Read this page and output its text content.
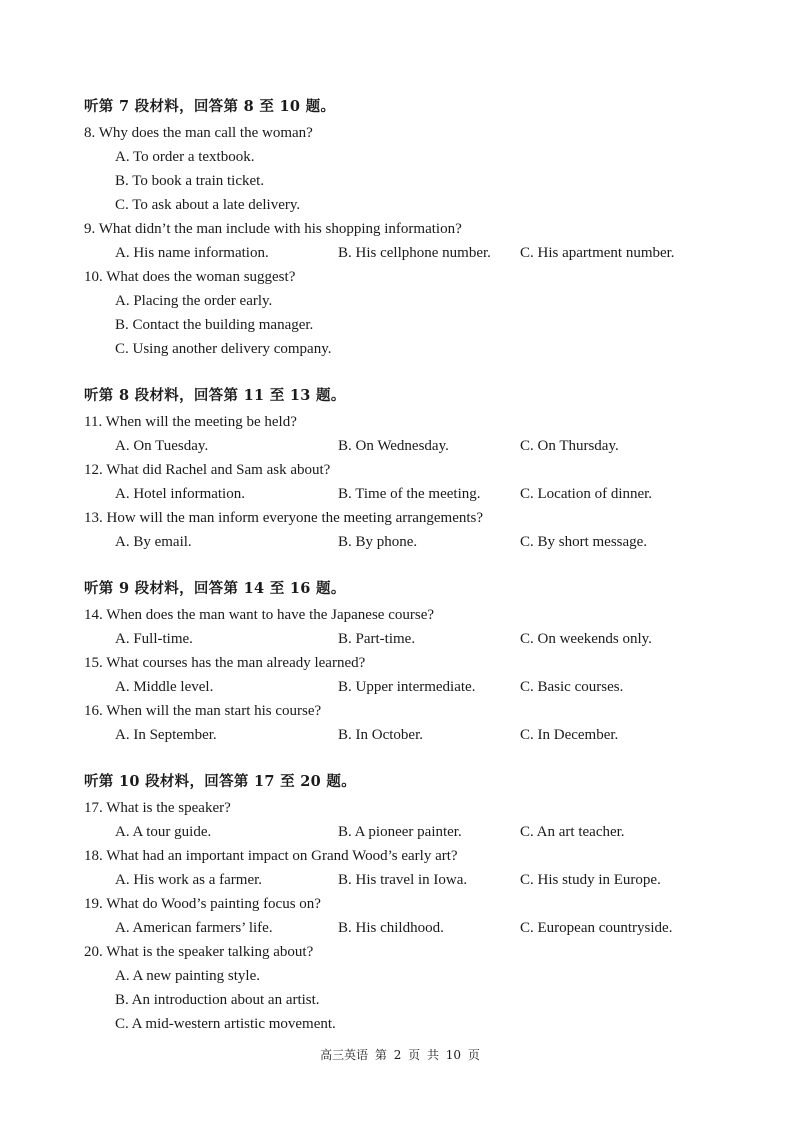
听第 7 段材料，回答第 8 至 10 题。
8. Why does the man call the woman?
A. To order a textbook.
B. To book a train ticket.
C. To ask about a late delivery.
9. What didn’t the man include with his shopping information?
A. His name information.	B. His cellphone number. C. His apartment number.
10. What does the woman suggest?
A. Placing the order early.
B. Contact the building manager.
C. Using another delivery company.
听第 8 段材料，回答第 11 至 13 题。
11. When will the meeting be held?
A. On Tuesday.	B. On Wednesday.	C. On Thursday.
12. What did Rachel and Sam ask about?
A. Hotel information.	B. Time of the meeting.	C. Location of dinner.
13. How will the man inform everyone the meeting arrangements?
A. By email.	B. By phone.	C. By short message.
听第 9 段材料，回答第 14 至 16 题。
14. When does the man want to have the Japanese course?
A. Full-time.	B. Part-time.	C. On weekends only.
15. What courses has the man already learned?
A. Middle level.	B. Upper intermediate.	C. Basic courses.
16. When will the man start his course?
A. In September.	B. In October.	C. In December.
听第 10 段材料，回答第 17 至 20 题。
17. What is the speaker?
A. A tour guide.	B. A pioneer painter.	C. An art teacher.
18. What had an important impact on Grand Wood’s early art?
A. His work as a farmer.	B. His travel in Iowa.	C. His study in Europe.
19. What do Wood’s painting focus on?
A. American farmers’ life.	B. His childhood.	C. European countryside.
20. What is the speaker talking about?
A. A new painting style.
B. An introduction about an artist.
C. A mid-western artistic movement.
高三英语 第 2 页 共 10 页
